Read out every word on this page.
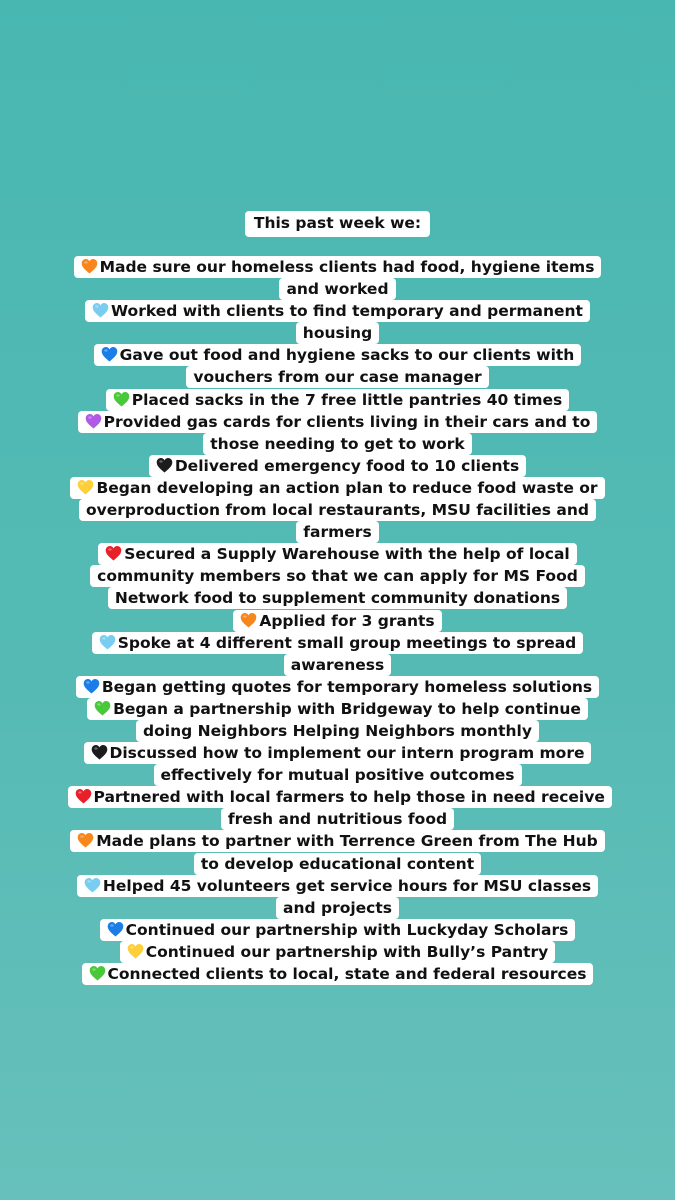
This past week we:
Made sure our homeless clients had food, hygiene items and worked
Worked with clients to find temporary and permanent housing
Gave out food and hygiene sacks to our clients with vouchers from our case manager
Placed sacks in the 7 free little pantries 40 times
Provided gas cards for clients living in their cars and to those needing to get to work
Delivered emergency food to 10 clients
Began developing an action plan to reduce food waste or overproduction from local restaurants, MSU facilities and farmers
Secured a Supply Warehouse with the help of local community members so that we can apply for MS Food Network food to supplement community donations
Applied for 3 grants
Spoke at 4 different small group meetings to spread awareness
Began getting quotes for temporary homeless solutions
Began a partnership with Bridgeway to help continue doing Neighbors Helping Neighbors monthly
Discussed how to implement our intern program more effectively for mutual positive outcomes
Partnered with local farmers to help those in need receive fresh and nutritious food
Made plans to partner with Terrence Green from The Hub to develop educational content
Helped 45 volunteers get service hours for MSU classes and projects
Continued our partnership with Luckyday Scholars
Continued our partnership with Bully’s Pantry
Connected clients to local, state and federal resources
